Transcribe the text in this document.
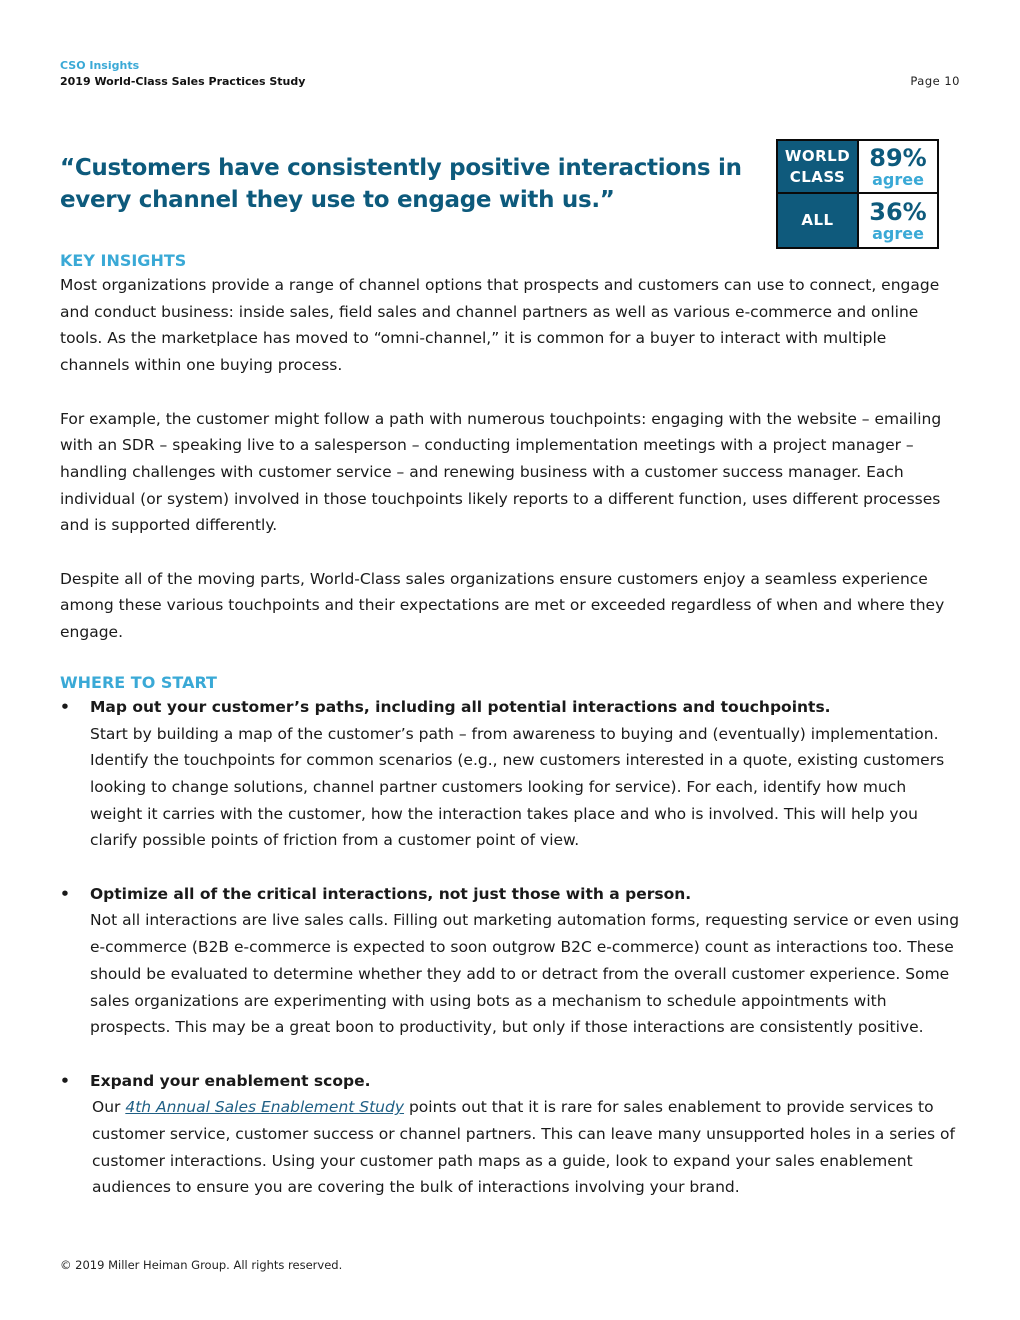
CSO Insights
2019 World-Class Sales Practices Study	Page 10
“Customers have consistently positive interactions in every channel they use to engage with us.”
WORLD CLASS
89%
agree
ALL	36%
agree
KEY INSIGHTS

Most organizations provide a range of channel options that prospects and customers can use to connect, engage and conduct business: inside sales, field sales and channel partners as well as various e-commerce and online tools. As the marketplace has moved to “omni-channel,” it is common for a buyer to interact with multiple channels within one buying process.

For example, the customer might follow a path with numerous touchpoints: engaging with the website – emailing with an SDR – speaking live to a salesperson – conducting implementation meetings with a project manager – handling challenges with customer service – and renewing business with a customer success manager. Each individual (or system) involved in those touchpoints likely reports to a different function, uses different processes and is supported differently.

Despite all of the moving parts, World-Class sales organizations ensure customers enjoy a seamless experience among these various touchpoints and their expectations are met or exceeded regardless of when and where they engage.

WHERE TO START
• Map out your customer’s paths, including all potential interactions and touchpoints.

Start by building a map of the customer’s path – from awareness to buying and (eventually) implementation. Identify the touchpoints for common scenarios (e.g., new customers interested in a quote, existing customers looking to change solutions, channel partner customers looking for service). For each, identify how much weight it carries with the customer, how the interaction takes place and who is involved. This will help you clarify possible points of friction from a customer point of view.

• Optimize all of the critical interactions, not just those with a person.

Not all interactions are live sales calls. Filling out marketing automation forms, requesting service or even using e-commerce (B2B e-commerce is expected to soon outgrow B2C e-commerce) count as interactions too. These should be evaluated to determine whether they add to or detract from the overall customer experience. Some sales organizations are experimenting with using bots as a mechanism to schedule appointments with prospects. This may be a great boon to productivity, but only if those interactions are consistently positive.

• Expand your enablement scope.

Our 4th Annual Sales Enablement Study points out that it is rare for sales enablement to provide services to customer service, customer success or channel partners. This can leave many unsupported holes in a series of customer interactions. Using your customer path maps as a guide, look to expand your sales enablement audiences to ensure you are covering the bulk of interactions involving your brand.

© 2019 Miller Heiman Group. All rights reserved.
